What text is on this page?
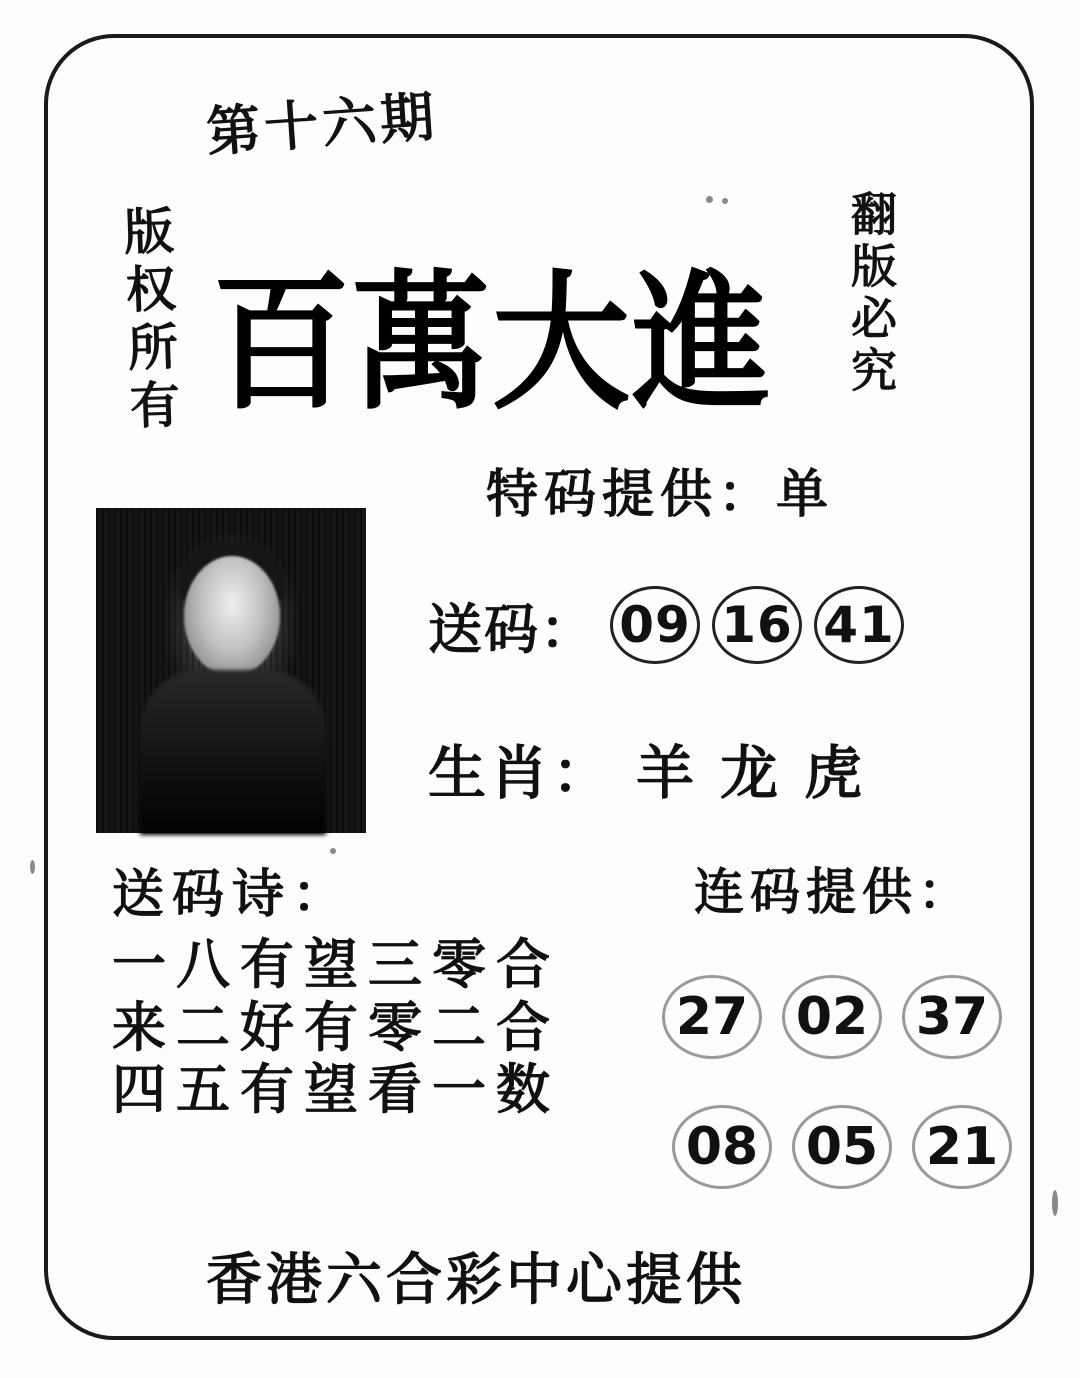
第十六期
版权所有	翻版必究
百萬大進
特码提供：单
送码： 09 16 41
生肖： 羊 龙 虎
送码诗：
一八有望三零合
来二好有零二合
四五有望看一数
连码提供：
27 02 37
08 05 21
香港六合彩中心提供
